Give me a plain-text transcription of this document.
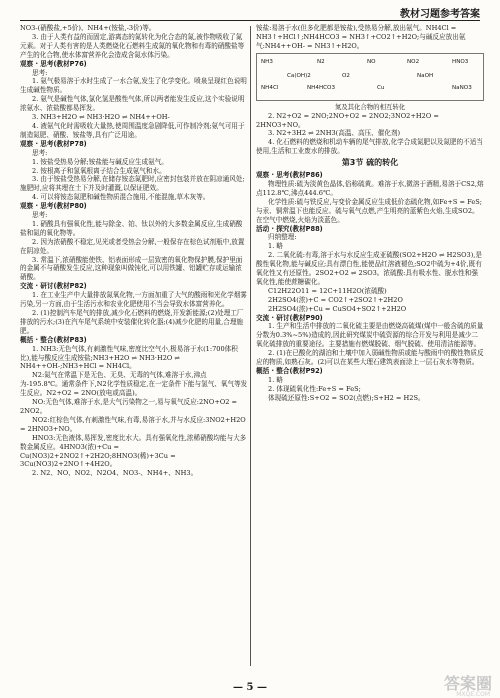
教材习题参考答案

NO3-(硝酸盐,+5价)、NH4+(铵盐,-3价)等。

3. 由于人类有益的而固定,游离态的氮转化为化合态的氮,被作物吸收了氮元素。对于人类有害的是人类燃烧化石燃料生成氮的氧化物和有毒的硝酸盐等产生的化合物,使水体富营养化会造成含氮水体污染。

观察 · 思考(教材P76)

思考:

1. 氨气极易溶于水时生成了一水合氨,发生了化学变化。喷泉呈现红色说明生成碱性物质。

2. 氨气是碱性气体,氯化氢是酸性气体,所以两者能发生反应,这个实验说明浓氨水、浓盐酸都易挥发。

3. NH3+H2O ⇌ NH3·H2O ⇌ NH4++OH-

4. 液氨气化时需吸收大量热,使周围温度急剧降低,可作制冷剂;氨气可用于制造氮肥、硝酸、铵盐等,具有广泛用途。

观察 · 思考(教材P78)

思考:

1. 铵盐受热易分解;铵盐能与碱反应生成氨气。

2. 铵根离子和氢氧根离子结合生成氨气和水。

3. 由于铵盐受热易分解,在储存铵态氮肥时,应密封包装并放在阴凉通风处;施肥时,应将其埋在土下并及时灌溉,以保证肥效。

4. 可以将铵态氮肥和碱性物质混合施用,不能混施,草木灰等。

观察 · 思考(教材P80)

思考:

1. 硝酸具有强氧化性,能与除金、铂、钛以外的大多数金属反应,生成硝酸盐和氮的氧化物等。

2. 因为浓硝酸不稳定,见光或者受热会分解,一般保存在棕色试剂瓶中,放置在阴凉处。

3. 常温下,浓硝酸能使铁、铝表面形成一层致密的氧化物保护膜,保护里面的金属不与硝酸发生反应,这种现象叫做钝化,可以用铁罐、铝罐贮存或运输浓硝酸。

交流 · 研讨(教材P82)

1. 在工业生产中大量排放氮氧化物,一方面加重了大气的酸雨和光化学烟雾污染,另一方面,由于生活污水和农业化肥使用不当会导致水体富营养化。

2. (1)控制汽车尾气的排放,减少化石燃料的燃烧,开发新能源;(2)处理工厂排放的污水;(3)在汽车尾气系统中安装催化转化器;(4)减少化肥的用量,合理施肥。

概括 · 整合(教材P83)

1. NH3:无色气体,有刺激性气味,密度比空气小,极易溶于水(1:700体积比),能与酸反应生成铵盐;NH3+H2O ⇌ NH3·H2O ⇌ NH4++OH-;NH3+HCl = NH4Cl。

N2:氮气在常温下是无色、无臭、无毒的气体,难溶于水,沸点为-195.8℃。通常条件下,N2化学性质稳定,在一定条件下能与氢气、氧气等发生反应。N2+O2 = 2NO(放电或高温)。

NO:无色气体,难溶于水,是大气污染物之一,易与氧气反应:2NO+O2 = 2NO2。

NO2:红棕色气体,有刺激性气味,有毒,易溶于水,并与水反应:3NO2+H2O = 2HNO3+NO。

HNO3:无色液体,易挥发,密度比水大。具有强氧化性,浓稀硝酸均能与大多数金属反应。4HNO3(浓)+Cu = Cu(NO3)2+2NO2↑+2H2O;8HNO3(稀)+3Cu = 3Cu(NO3)2+2NO↑+4H2O。

2. N2、NO、NO2、N2O4、NO3-、NH4+、NH3。

铵盐:易溶于水(但多化肥都是铵盐),受热易分解,放出氨气。NH4Cl = NH3↑+HCl↑;NH4HCO3 = NH3↑+CO2↑+H2O;与碱反应放出氨气:NH4++OH- = NH3↑+H2O。

NH3	N2	NO	NO2	HNO3
NH4Cl	NH4HCO3	NaNO3
Ca(OH)2
Cu
NaOH
O2
氮及其化合物的相互转化

2. N2+O2 = 2NO;2NO+O2 = 2NO2;3NO2+H2O = 2HNO3+NO。

3. N2+3H2 ⇌ 2NH3(高温、高压、催化剂)

4. 化石燃料的燃烧和机动车辆的尾气排放,化学合成氮肥以及氮肥的不适当使用,生活和工业废水的排放。

第3节 硫的转化

观察 · 思考(教材P86)

物理性质:硫为淡黄色晶体,俗称硫黄。难溶于水,微溶于酒精,易溶于CS2,熔点112.8℃,沸点444.6℃。

化学性质:硫与铁反应,与变价金属反应生成低价态硫化物,如Fe+S = FeS;与汞、铜常温下也能反应。硫与氧气点燃,产生明亮的蓝紫色火焰,生成SO2。在空气中燃烧,火焰为淡蓝色。

活动 · 探究(教材P88)

归纳整理:

1. 略

2. 二氧化硫:有毒,溶于水与水反应生成亚硫酸(SO2+H2O ⇌ H2SO3),是酸性氧化物,能与碱反应;具有漂白性,能使品红溶液褪色;SO2中硫为+4价,既有氧化性又有还原性。2SO2+O2 ⇌ 2SO3。浓硫酸:具有吸水性、脱水性和强氧化性,能使蔗糖碳化。

C12H22O11 = 12C+11H2O(浓硫酸)

2H2SO4(浓)+C = CO2↑+2SO2↑+2H2O

2H2SO4(浓)+Cu = CuSO4+SO2↑+2H2O

交流 · 研讨(教材P90)

1. 生产和生活中排放的二氧化硫主要是由燃烧高硫煤(煤中一般含硫的质量分数为0.3%~5%)造成的,因此研究煤炭中硫资源的综合开发与利用是减少二氧化硫排放的重要途径。主要措施有燃煤脱硫、烟气脱硫、使用清洁能源等。

2. (1)在已酸化的湖泊和土壤中加入弱碱性物质或能与酸雨中的酸性物质反应的物质,如熟石灰。(2)可以在某些大理石建筑表面涂上一层石灰水等物质。

概括 · 整合(教材P92)

1. 略

2. 体现硫氧化性:Fe+S = FeS;

体现硫还原性:S+O2 = SO2(点燃);S+H2 = H2S。

— 5 —	答案圈
MXQE.COM
